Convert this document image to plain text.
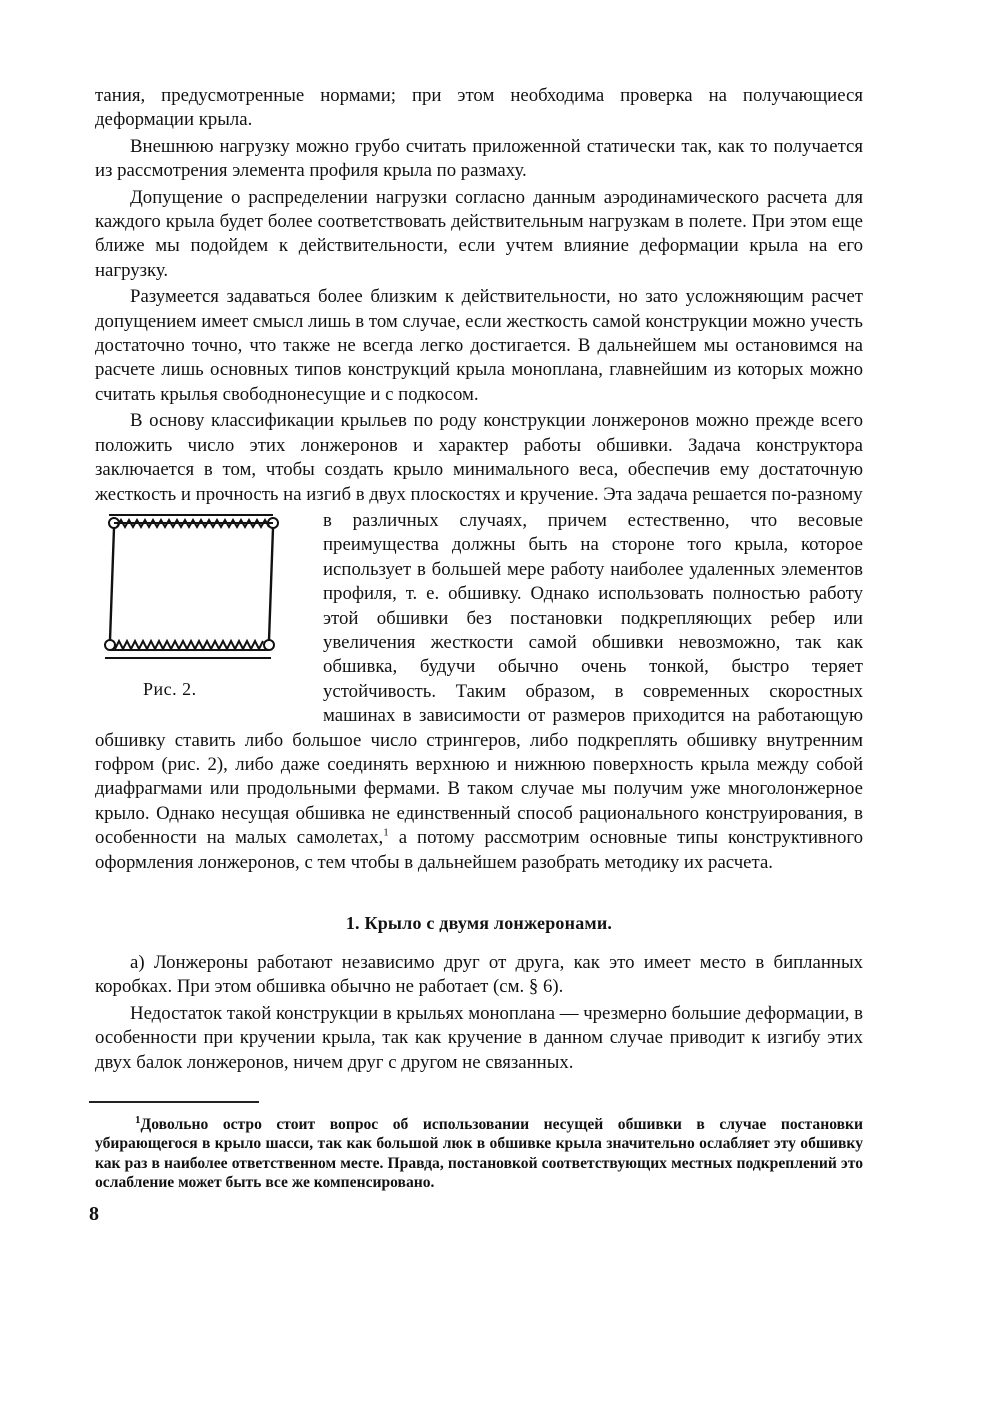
тания, предусмотренные нормами; при этом необходима проверка на получающиеся деформации крыла.

Внешнюю нагрузку можно грубо считать приложенной статически так, как то получается из рассмотрения элемента профиля крыла по размаху.

Допущение о распределении нагрузки согласно данным аэродинамического расчета для каждого крыла будет более соответствовать действительным нагрузкам в полете. При этом еще ближе мы подойдем к действительности, если учтем влияние деформации крыла на его нагрузку.

Разумеется задаваться более близким к действительности, но зато усложняющим расчет допущением имеет смысл лишь в том случае, если жесткость самой конструкции можно учесть достаточно точно, что также не всегда легко достигается. В дальнейшем мы остановимся на расчете лишь основных типов конструкций крыла моноплана, главнейшим из которых можно считать крылья свободнонесущие и с подкосом.

В основу классификации крыльев по роду конструкции лонжеронов можно прежде всего положить число этих лонжеронов и характер работы обшивки. Задача конструктора заключается в том, чтобы создать крыло минимального веса, обеспечив ему достаточную жесткость и прочность на изгиб в двух плоскостях и кручение. Эта задача решается по-разному

Рис. 2.

в различных случаях, причем естественно, что весовые преимущества должны быть на стороне того крыла, которое использует в большей мере работу наиболее удаленных элементов профиля, т. е. обшивку. Однако использовать полностью работу этой обшивки без постановки подкрепляющих ребер или увеличения жесткости самой обшивки невозможно, так как обшивка, будучи обычно очень тонкой, быстро теряет устойчивость. Таким образом, в современных скоростных машинах в зависимости от размеров приходится на работающую обшивку ставить либо большое число стрингеров, либо подкреплять обшивку внутренним гофром (рис. 2), либо даже соединять верхнюю и нижнюю поверхность крыла между собой диафрагмами или продольными фермами. В таком случае мы получим уже многолонжерное крыло. Однако несущая обшивка не единственный способ рационального конструирования, в особенности на малых самолетах,$^1$ а потому рассмотрим основные типы конструктивного оформления лонжеронов, с тем чтобы в дальнейшем разобрать методику их расчета.

1. Крыло с двумя лонжеронами.

а) Лонжероны работают независимо друг от друга, как это имеет место в бипланных коробках. При этом обшивка обычно не работает (см. § 6).

Недостаток такой конструкции в крыльях моноплана — чрезмерно большие деформации, в особенности при кручении крыла, так как кручение в данном случае приводит к изгибу этих двух балок лонжеронов, ничем друг с другом не связанных.

$^1$Довольно остро стоит вопрос об использовании несущей обшивки в случае постановки убирающегося в крыло шасси, так как большой люк в обшивке крыла значительно ослабляет эту обшивку как раз в наиболее ответственном месте. Правда, постановкой соответствующих местных подкреплений это ослабление может быть все же компенсировано.

8
